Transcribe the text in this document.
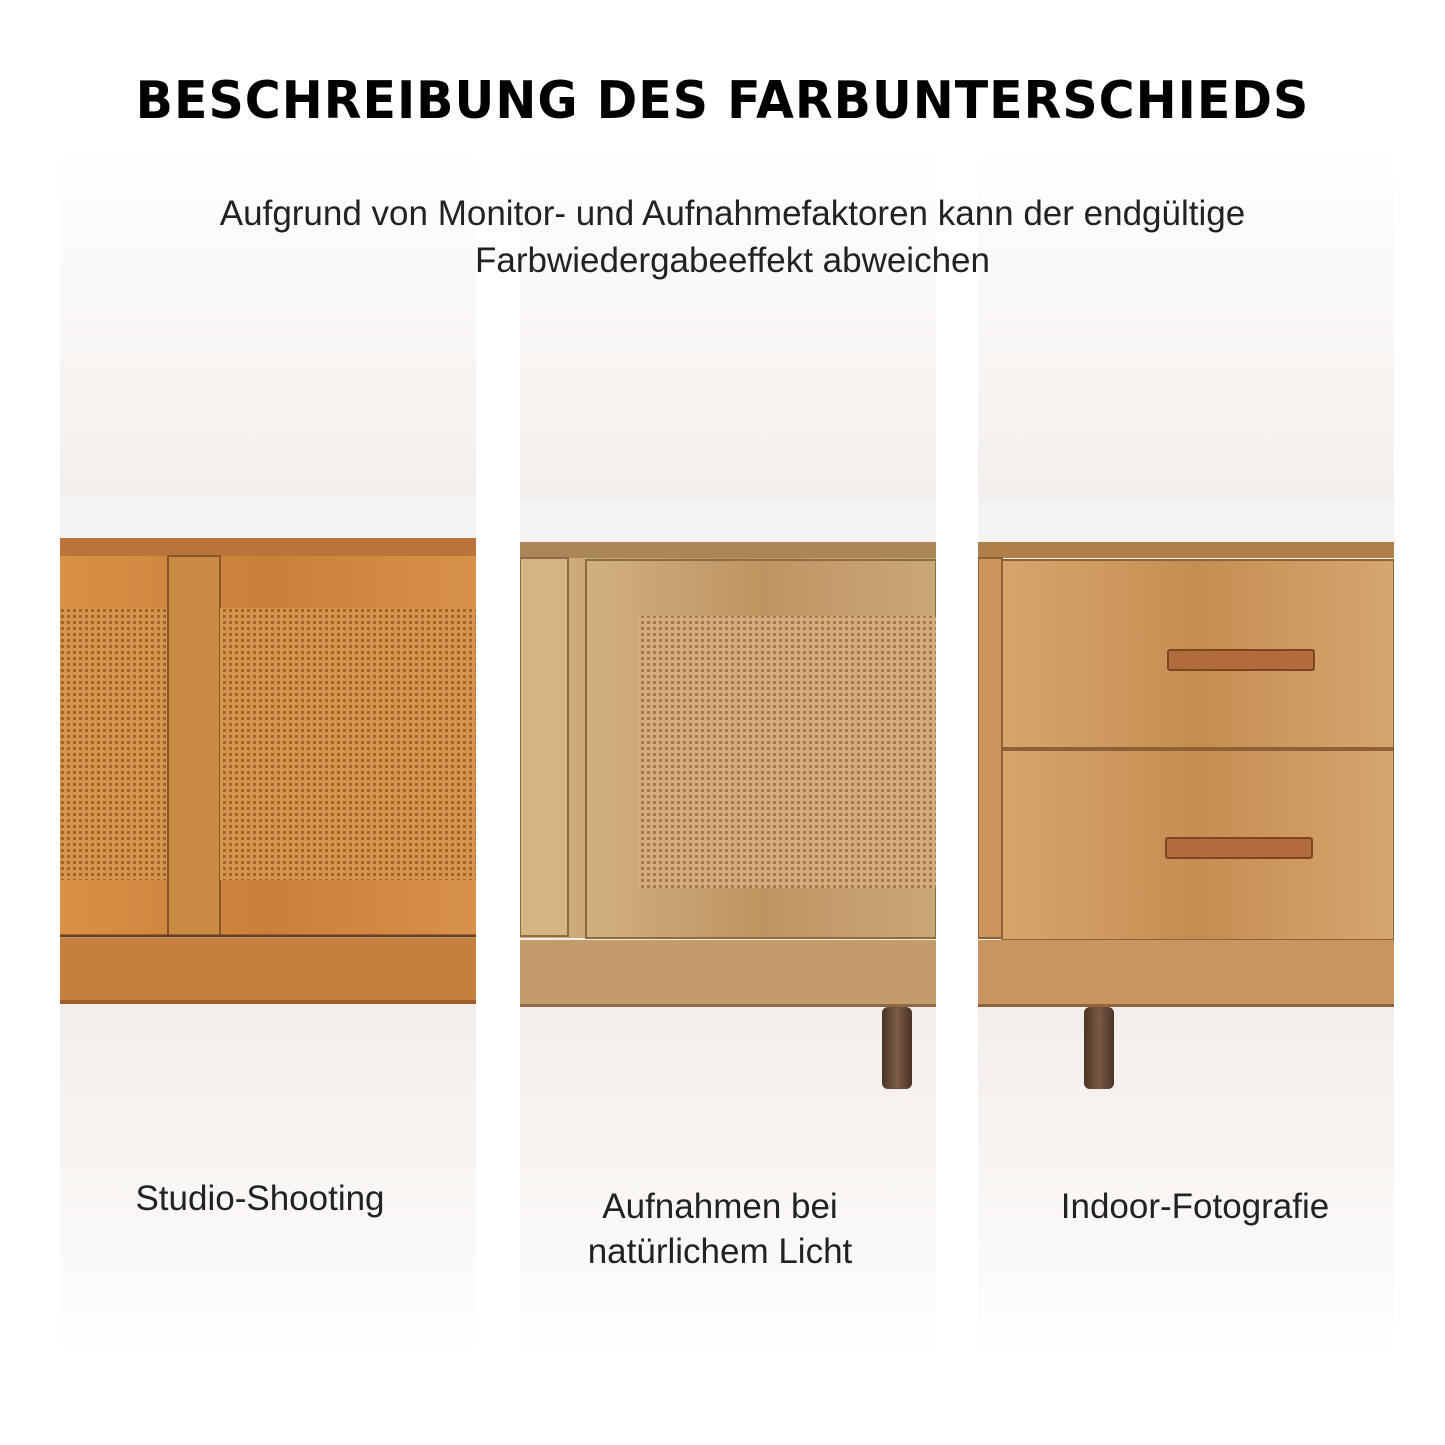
BESCHREIBUNG DES FARBUNTERSCHIEDS
Aufgrund von Monitor- und Aufnahmefaktoren kann der endgültige
Farbwiedergabeeffekt abweichen
Studio-Shooting	Aufnahmen bei
natürlichem Licht
Indoor-Fotografie
